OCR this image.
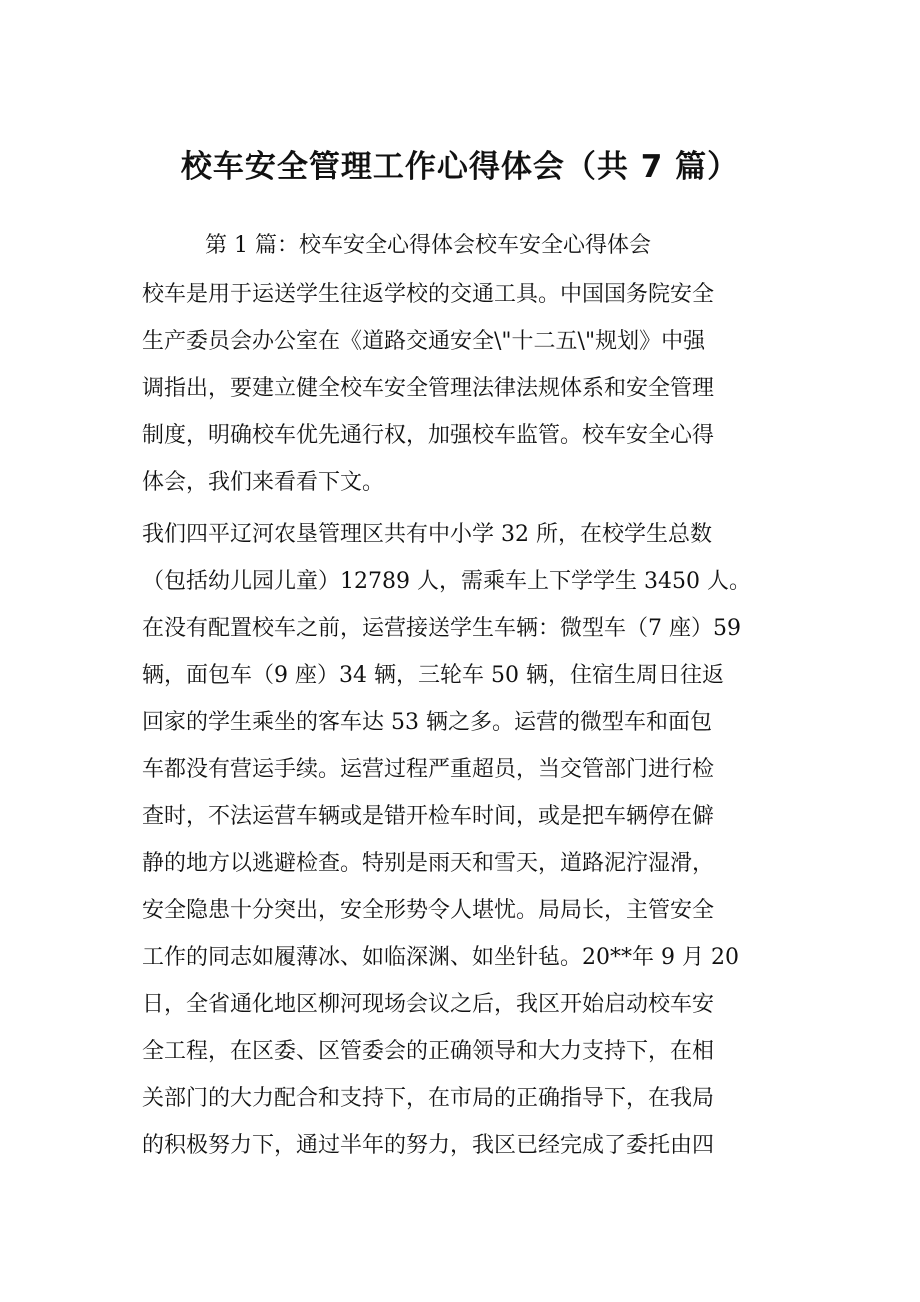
校车安全管理工作心得体会（共 7 篇）
第 1 篇：校车安全心得体会校车安全心得体会
校车是用于运送学生往返学校的交通工具。中国国务院安全
生产委员会办公室在《道路交通安全\"十二五\"规划》中强
调指出，要建立健全校车安全管理法律法规体系和安全管理
制度，明确校车优先通行权，加强校车监管。校车安全心得
体会，我们来看看下文。
我们四平辽河农垦管理区共有中小学 32 所，在校学生总数
（包括幼儿园儿童）12789 人，需乘车上下学学生 3450 人。
在没有配置校车之前，运营接送学生车辆：微型车（7 座）59
辆，面包车（9 座）34 辆，三轮车 50 辆，住宿生周日往返
回家的学生乘坐的客车达 53 辆之多。运营的微型车和面包
车都没有营运手续。运营过程严重超员，当交管部门进行检
查时，不法运营车辆或是错开检车时间，或是把车辆停在僻
静的地方以逃避检查。特别是雨天和雪天，道路泥泞湿滑，
安全隐患十分突出，安全形势令人堪忧。局局长，主管安全
工作的同志如履薄冰、如临深渊、如坐针毡。20**年 9 月 20
日，全省通化地区柳河现场会议之后，我区开始启动校车安
全工程，在区委、区管委会的正确领导和大力支持下，在相
关部门的大力配合和支持下，在市局的正确指导下，在我局
的积极努力下，通过半年的努力，我区已经完成了委托由四
